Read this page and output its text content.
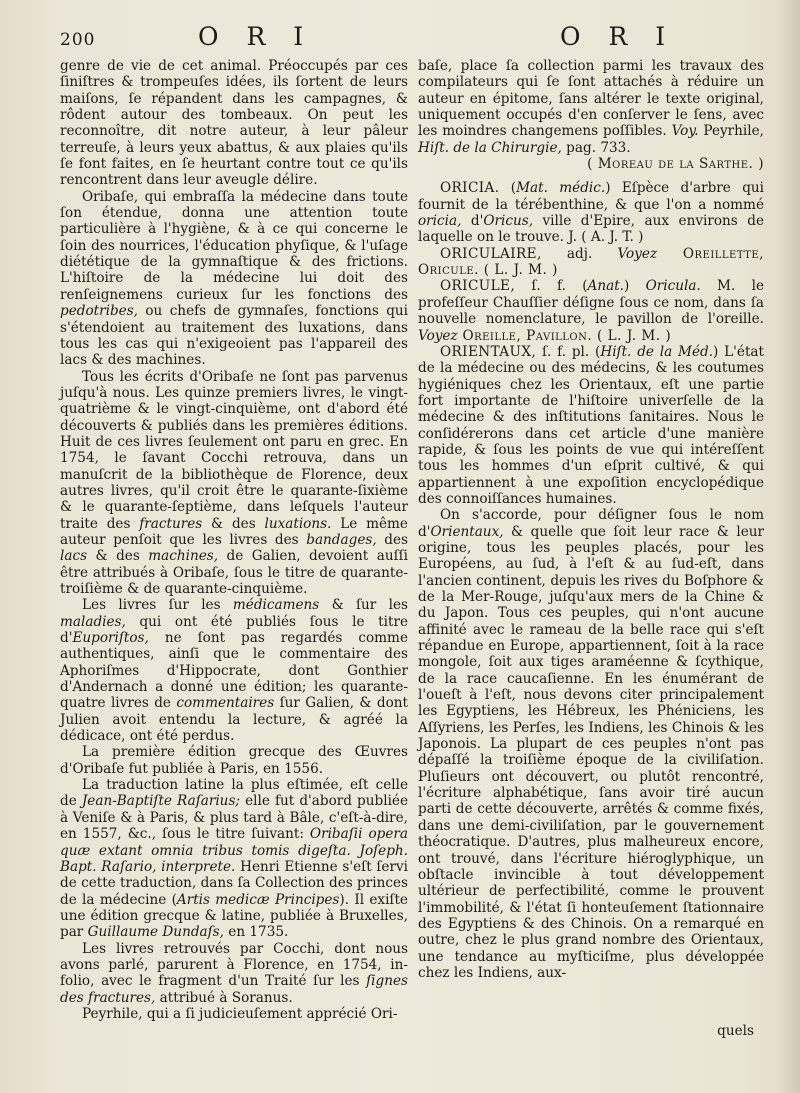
200	O R I	O R I

genre de vie de cet animal. Préoccupés par ces ſiniſtres & trompeuſes idées, ils ſortent de leurs maiſons, ſe répandent dans les campagnes, & rôdent autour des tombeaux. On peut les reconnoître, dit notre auteur, à leur pâleur terreuſe, à leurs yeux abattus, & aux plaies qu'ils ſe font faites, en ſe heurtant contre tout ce qu'ils rencontrent dans leur aveugle délire.

Oribaſe, qui embraſſa la médecine dans toute ſon étendue, donna une attention toute particulière à l'hygiène, & à ce qui concerne le ſoin des nourrices, l'éducation phyſique, & l'uſage diététique de la gymnaſtique & des frictions. L'hiſtoire de la médecine lui doit des renſeignemens curieux ſur les fonctions des pedotribes, ou chefs de gymnaſes, fonctions qui s'étendoient au traitement des luxations, dans tous les cas qui n'exigeoient pas l'appareil des lacs & des machines.

Tous les écrits d'Oribaſe ne ſont pas parvenus juſqu'à nous. Les quinze premiers livres, le vingt-quatrième & le vingt-cinquième, ont d'abord été découverts & publiés dans les premières éditions. Huit de ces livres ſeulement ont paru en grec. En 1754, le ſavant Cocchi retrouva, dans un manuſcrit de la bibliothèque de Florence, deux autres livres, qu'il croit être le quarante-ſixième & le quarante-ſeptième, dans leſquels l'auteur traite des fractures & des luxations. Le même auteur penſoit que les livres des bandages, des lacs & des machines, de Galien, devoient auſſi être attribués à Oribaſe, ſous le titre de quarante-troiſième & de quarante-cinquième.

Les livres ſur les médicamens & ſur les maladies, qui ont été publiés ſous le titre d'Euporiſtos, ne ſont pas regardés comme authentiques, ainſi que le commentaire des Aphoriſmes d'Hippocrate, dont Gonthier d'Andernach a donné une édition; les quarante-quatre livres de commentaires ſur Galien, & dont Julien avoit entendu la lecture, & agréé la dédicace, ont été perdus.

La première édition grecque des Œuvres d'Oribaſe fut publiée à Paris, en 1556.

La traduction latine la plus eſtimée, eſt celle de Jean-Baptiſte Raſarius; elle fut d'abord publiée à Veniſe & à Paris, & plus tard à Bâle, c'eſt-à-dire, en 1557, &c., ſous le titre ſuivant: Oribaſii opera quæ extant omnia tribus tomis digeſta. Joſeph. Bapt. Raſario, interprete. Henri Etienne s'eſt ſervi de cette traduction, dans ſa Collection des princes de la médecine (Artis medicæ Principes). Il exiſte une édition grecque & latine, publiée à Bruxelles, par Guillaume Dundaſs, en 1735.

Les livres retrouvés par Cocchi, dont nous avons parlé, parurent à Florence, en 1754, in-folio, avec le fragment d'un Traité ſur les ſignes des fractures, attribué à Soranus.

Peyrhile, qui a ſi judicieuſement apprécié Ori-

baſe, place ſa collection parmi les travaux des compilateurs qui ſe ſont attachés à réduire un auteur en épitome, ſans altérer le texte original, uniquement occupés d'en conſerver le ſens, avec les moindres changemens poſſibles. Voy. Peyrhile, Hiſt. de la Chirurgie, pag. 733.

( Moreau de la Sarthe. )

ORICIA. (Mat. médic.) Eſpèce d'arbre qui fournit de la térébenthine, & que l'on a nommé oricia, d'Oricus, ville d'Epire, aux environs de laquelle on le trouve. J. ( A. J. T. )

ORICULAIRE, adj. Voyez Oreillette, Oricule. ( L. J. M. )

ORICULE, ſ. f. (Anat.) Oricula. M. le profeſſeur Chauſſier déſigne ſous ce nom, dans ſa nouvelle nomenclature, le pavillon de l'oreille. Voyez Oreille, Pavillon. ( L. J. M. )

ORIENTAUX, ſ. f. pl. (Hiſt. de la Méd.) L'état de la médecine ou des médecins, & les coutumes hygiéniques chez les Orientaux, eſt une partie fort importante de l'hiſtoire univerſelle de la médecine & des inſtitutions ſanitaires. Nous le conſidérerons dans cet article d'une manière rapide, & ſous les points de vue qui intéreſſent tous les hommes d'un eſprit cultivé, & qui appartiennent à une expoſition encyclopédique des connoiſſances humaines.

On s'accorde, pour déſigner ſous le nom d'Orientaux, & quelle que ſoit leur race & leur origine, tous les peuples placés, pour les Européens, au ſud, à l'eſt & au ſud-eſt, dans l'ancien continent, depuis les rives du Boſphore & de la Mer-Rouge, juſqu'aux mers de la Chine & du Japon. Tous ces peuples, qui n'ont aucune affinité avec le rameau de la belle race qui s'eſt répandue en Europe, appartiennent, ſoit à la race mongole, ſoit aux tiges araméenne & ſcythique, de la race caucaſienne. En les énumérant de l'oueſt à l'eſt, nous devons citer principalement les Egyptiens, les Hébreux, les Phéniciens, les Aſſyriens, les Perſes, les Indiens, les Chinois & les Japonois. La plupart de ces peuples n'ont pas dépaſſé la troiſième époque de la civiliſation. Pluſieurs ont découvert, ou plutôt rencontré, l'écriture alphabétique, ſans avoir tiré aucun parti de cette découverte, arrêtés & comme fixés, dans une demi-civiliſation, par le gouvernement théocratique. D'autres, plus malheureux encore, ont trouvé, dans l'écriture hiéroglyphique, un obſtacle invincible à tout développement ultérieur de perfectibilité, comme le prouvent l'immobilité, & l'état ſi honteuſement ſtationnaire des Egyptiens & des Chinois. On a remarqué en outre, chez le plus grand nombre des Orientaux, une tendance au myſticiſme, plus développée chez les Indiens, aux-

quels
